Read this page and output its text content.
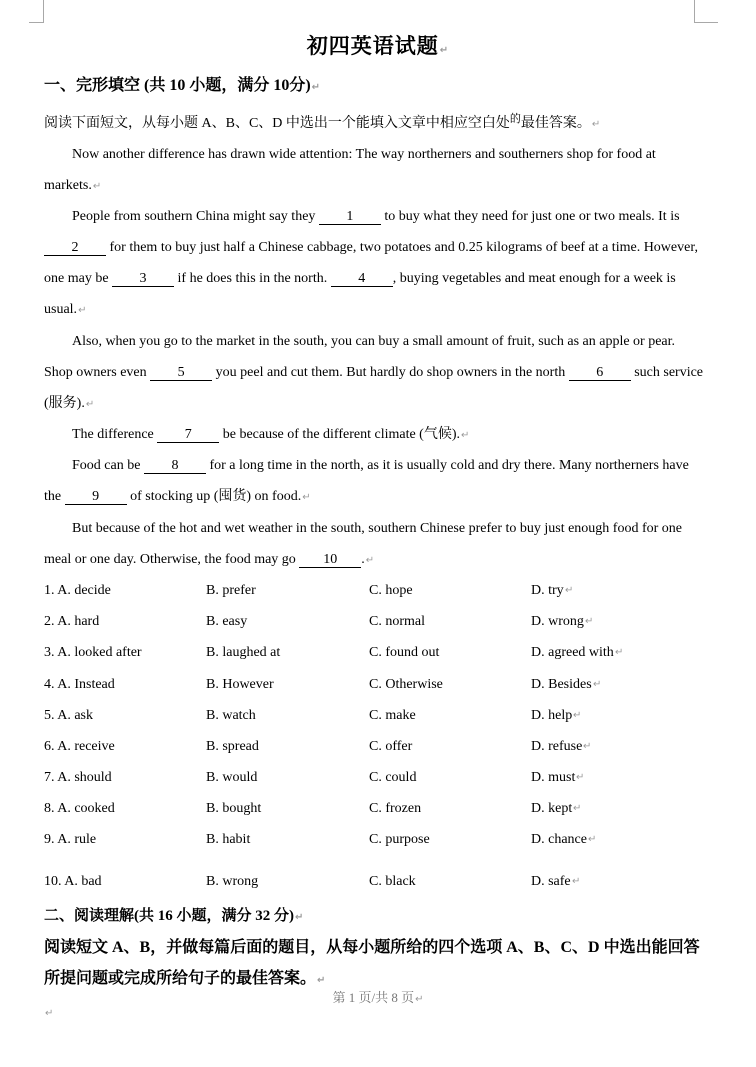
初四英语试题↵
一、完形填空 (共 10 小题，满分 10分)↵
阅读下面短文，从每小题 A、B、C、D 中选出一个能填入文章中相应空白处$^的$最佳答案。↵
Now another difference has drawn wide attention: The way northerners and southerners shop for food at markets.↵
People from southern China might say they 1 to buy what they need for just one or two meals. It is 2 for them to buy just half a Chinese cabbage, two potatoes and 0.25 kilograms of beef at a time. However, one may be 3 if he does this in the north. 4 , buying vegetables and meat enough for a week is usual.↵
Also, when you go to the market in the south, you can buy a small amount of fruit, such as an apple or pear. Shop owners even 5 you peel and cut them. But hardly do shop owners in the north 6 such service (服务).↵
The difference 7 be because of the different climate (气候).↵
Food can be 8 for a long time in the north, as it is usually cold and dry there. Many northerners have the 9 of stocking up (囤货) on food.↵
But because of the hot and wet weather in the south, southern Chinese prefer to buy just enough food for one meal or one day. Otherwise, the food may go 10 .↵
1. A. decide	B. prefer	C. hope	D. try ↵
2. A. hard	B. easy	C. normal	D. wrong ↵
3. A. looked after	B. laughed at	C. found out	D. agreed with ↵
4. A. Instead	B. However	C. Otherwise	D. Besides ↵
5. A. ask	B. watch	C. make	D. help ↵
6. A. receive	B. spread	C. offer	D. refuse ↵
7. A. should	B. would	C. could	D. must ↵
8. A. cooked	B. bought	C. frozen	D. kept ↵
9. A. rule	B. habit	C. purpose	D. chance ↵
10. A. bad	B. wrong	C. black	D. safe ↵
二、阅读理解(共 16 小题，满分 32 分)↵
阅读短文 A、B，并做每篇后面的题目，从每小题所给的四个选项 A、B、C、D 中选出能回答所提问题或完成所给句子的最佳答案。↵
第 1 页/共 8 页↵
↵
